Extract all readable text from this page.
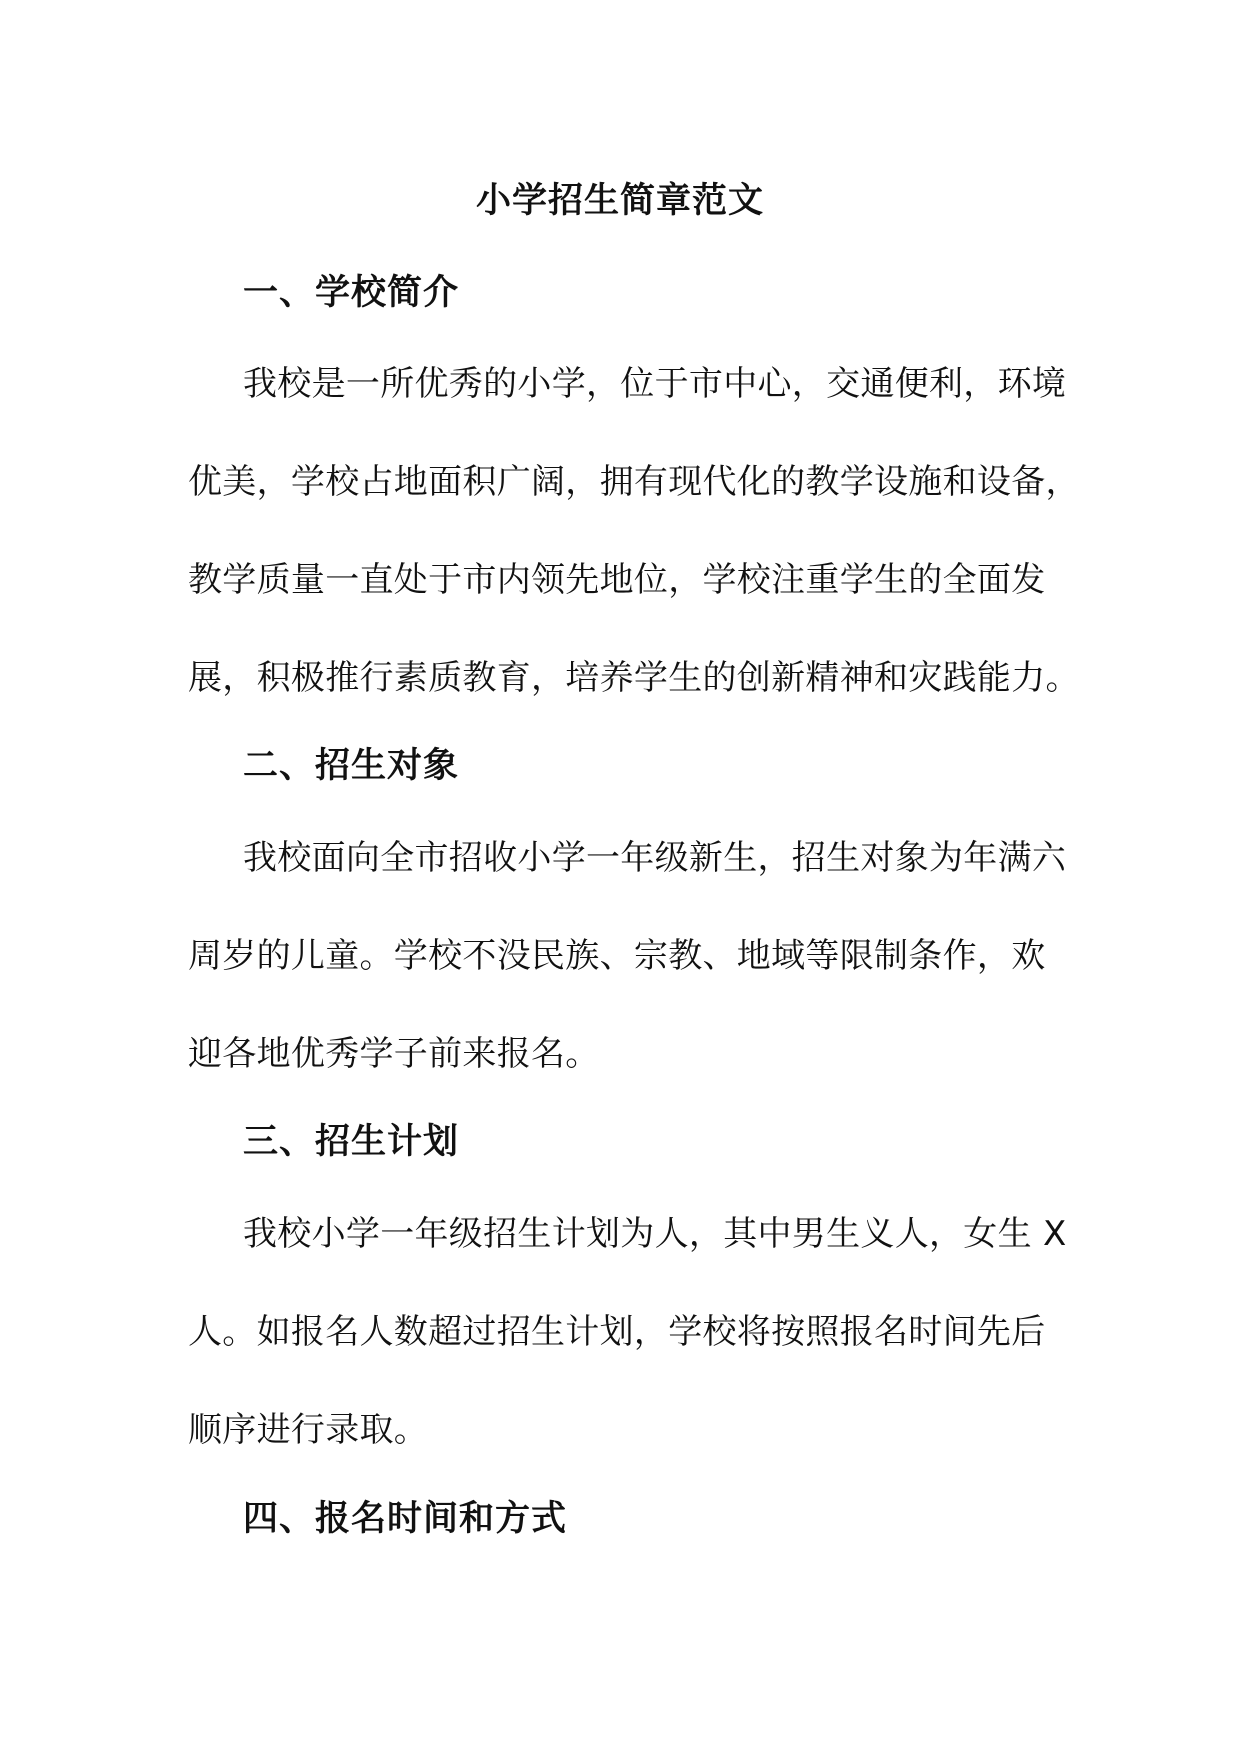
小学招生简章范文
一、学校简介
我校是一所优秀的小学，位于市中心，交通便利，环境
优美，学校占地面积广阔，拥有现代化的教学设施和设备，
教学质量一直处于市内领先地位，学校注重学生的全面发
展，积极推行素质教育，培养学生的创新精神和灾践能力。
二、招生对象
我校面向全市招收小学一年级新生，招生对象为年满六
周岁的儿童。学校不没民族、宗教、地域等限制条作，欢
迎各地优秀学子前来报名。
三、招生计划
我校小学一年级招生计划为人，其中男生义人，女生 X
人。如报名人数超过招生计划，学校将按照报名时间先后
顺序进行录取。
四、报名时间和方式
